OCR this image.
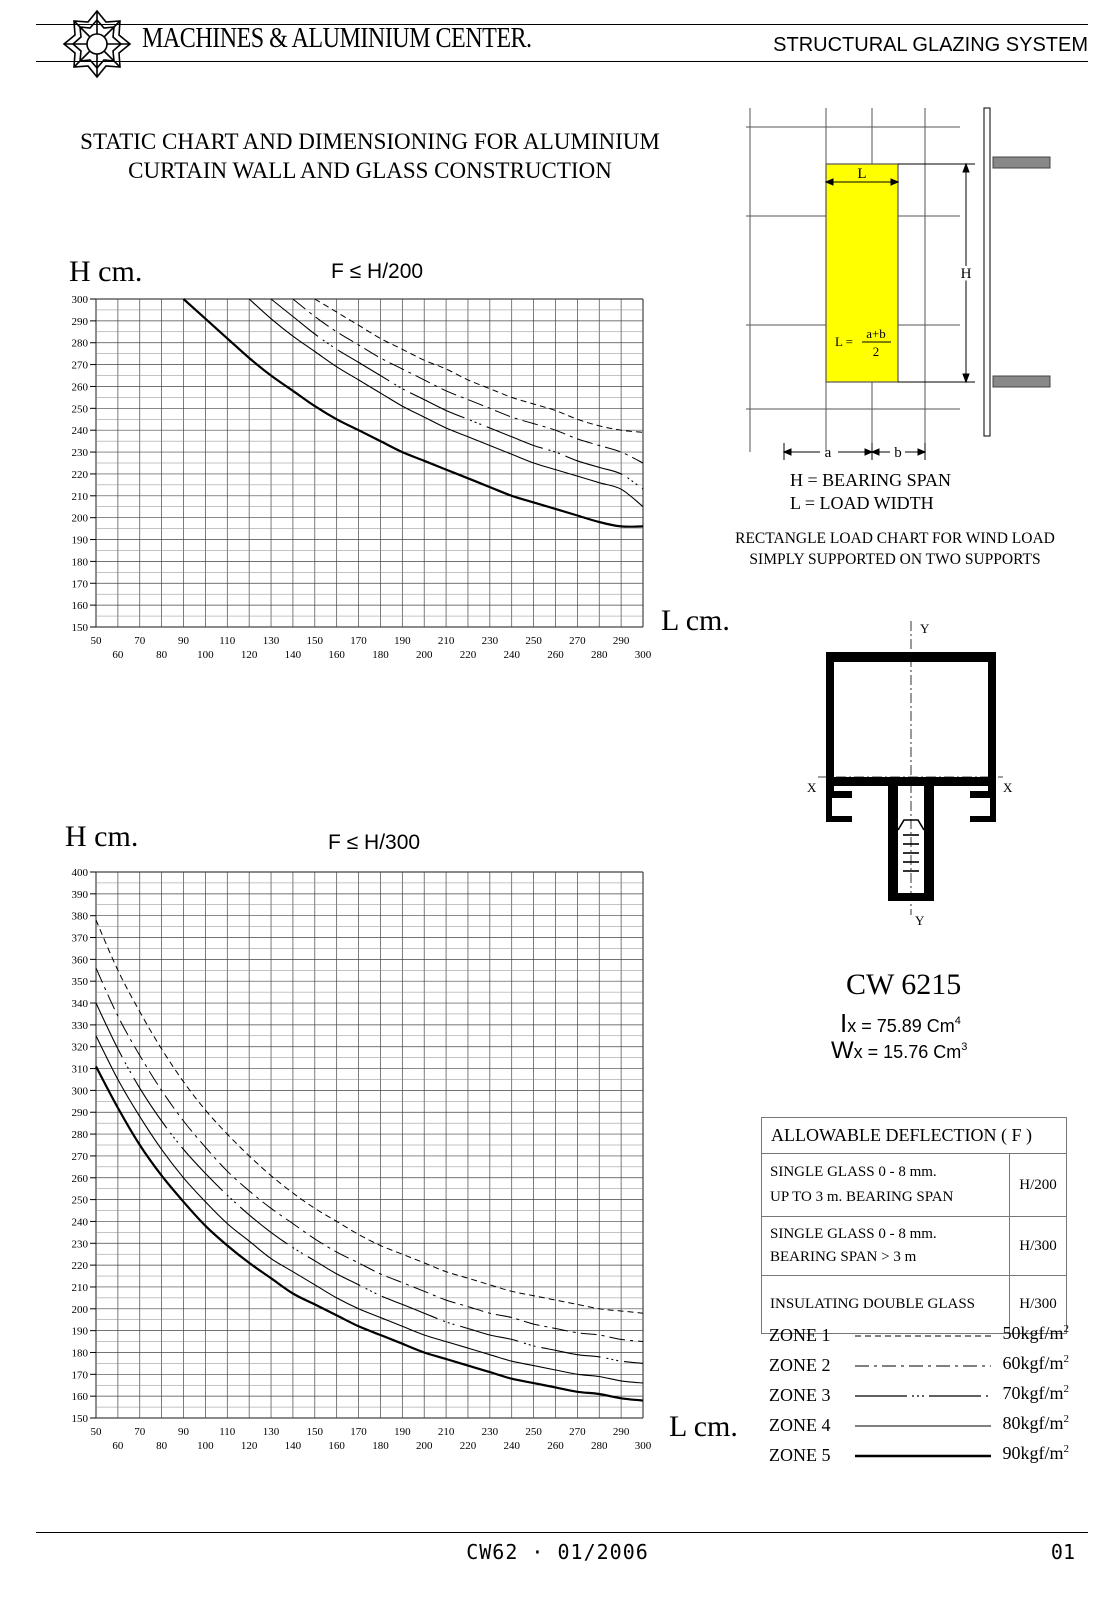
MACHINES & ALUMINIUM CENTER.	STRUCTURAL GLAZING SYSTEM
STATIC CHART AND DIMENSIONING FOR ALUMINIUM
CURTAIN WALL AND GLASS CONSTRUCTION
H cm.	F ≤ H/200
L cm.
150
160
170
180
190
200
210
220
230
240
250
260
270
280
290
300
50	70	90	110 130 150 170 190 210 230 250 270 290
60	80	100 120 140 160 180 200 220 240 260 280 300
H cm.	F ≤ H/300
L cm.
150
160
170
180
190
200
210
220
230
240
250
260
270
280
290
300
310
320
330
340
350
360
370
380
390
400
50	70	90	110 130 150 170 190 210 230 250 270 290
60	80	100 120 140 160 180 200 220 240 260 280 300
L
L =
a+b
2
H
a	b
H = BEARING SPAN
L = LOAD WIDTH
RECTANGLE LOAD CHART FOR WIND LOAD
SIMPLY SUPPORTED ON TWO SUPPORTS
Y
Y
X	X
CW 6215
Ix = 75.89 Cm$^4$
Wx = 15.76 Cm$^3$
ALLOWABLE DEFLECTION ( F )	

SINGLE GLASS 0 - 8 mm.
UP TO 3 m. BEARING SPAN	H/200

SINGLE GLASS 0 - 8 mm.
BEARING SPAN > 3 m	H/300
INSULATING DOUBLE GLASS	H/300
ZONE 1	$50kgf/m^2$
ZONE 2	$60kgf/m^2$
ZONE 3	$70kgf/m^2$
ZONE 4	$80kgf/m^2$
ZONE 5	$90kgf/m^2$
CW62 · 01/2006	01
